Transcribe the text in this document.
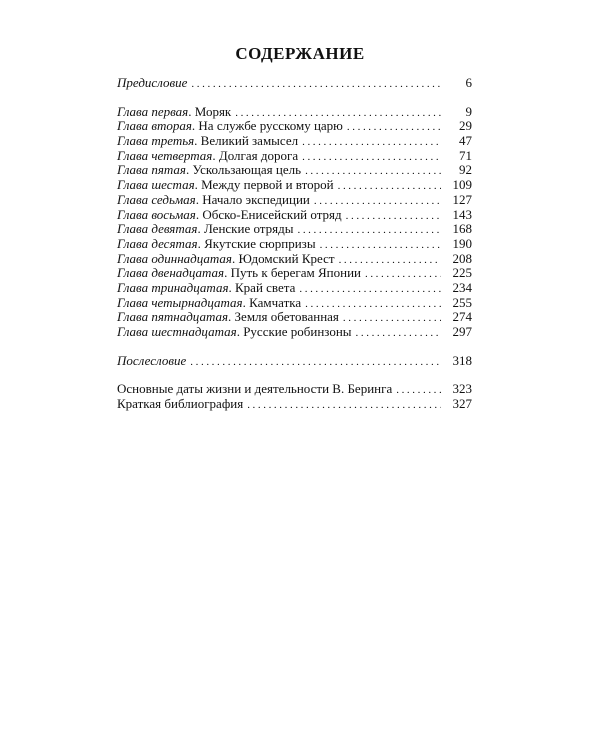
СОДЕРЖАНИЕ
Предисловие .....	6
Глава первая. Моряк .....	9
Глава вторая. На службе русскому царю .....	29
Глава третья. Великий замысел .....	47
Глава четвертая. Долгая дорога .....	71
Глава пятая. Ускользающая цель .....	92
Глава шестая. Между первой и второй .....	109
Глава седьмая. Начало экспедиции .....	127
Глава восьмая. Обско-Енисейский отряд .....	143
Глава девятая. Ленские отряды .....	168
Глава десятая. Якутские сюрпризы .....	190
Глава одиннадцатая. Юдомский Крест .....	208
Глава двенадцатая. Путь к берегам Японии .....	225
Глава тринадцатая. Край света .....	234
Глава четырнадцатая. Камчатка .....	255
Глава пятнадцатая. Земля обетованная .....	274
Глава шестнадцатая. Русские робинзоны .....	297
Послесловие .....	318
Основные даты жизни и деятельности В. Беринга .....	323
Краткая библиография .....	327
